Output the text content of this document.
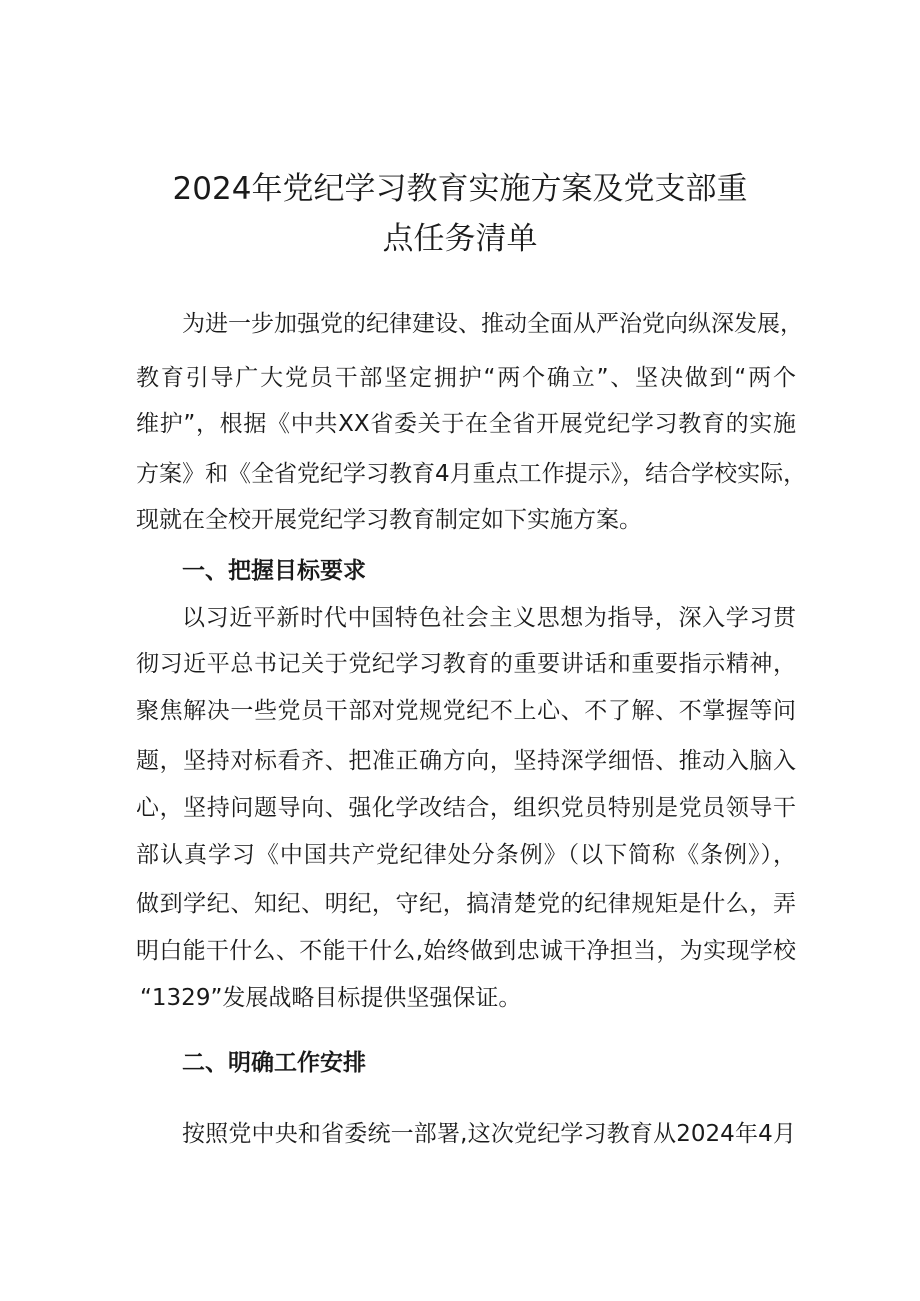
2024年党纪学习教育实施方案及党支部重
点任务清单

为进一步加强党的纪律建设、推动全面从严治党向纵深发展，

教育引导广大党员干部坚定拥护“两个确立”、坚决做到“两个

维护”，根据《中共XX省委关于在全省开展党纪学习教育的实施

方案》和《全省党纪学习教育4月重点工作提示》，结合学校实际，

现就在全校开展党纪学习教育制定如下实施方案。

一、把握目标要求

以习近平新时代中国特色社会主义思想为指导，深入学习贯

彻习近平总书记关于党纪学习教育的重要讲话和重要指示精神，

聚焦解决一些党员干部对党规党纪不上心、不了解、不掌握等问

题，坚持对标看齐、把准正确方向，坚持深学细悟、推动入脑入

心，坚持问题导向、强化学改结合，组织党员特别是党员领导干

部认真学习《中国共产党纪律处分条例》（以下简称《条例》），

做到学纪、知纪、明纪，守纪，搞清楚党的纪律规矩是什么，弄

明白能干什么、不能干什么,始终做到忠诚干净担当，为实现学校

“1329”发展战略目标提供坚强保证。

二、明确工作安排

按照党中央和省委统一部署,这次党纪学习教育从2024年4月
